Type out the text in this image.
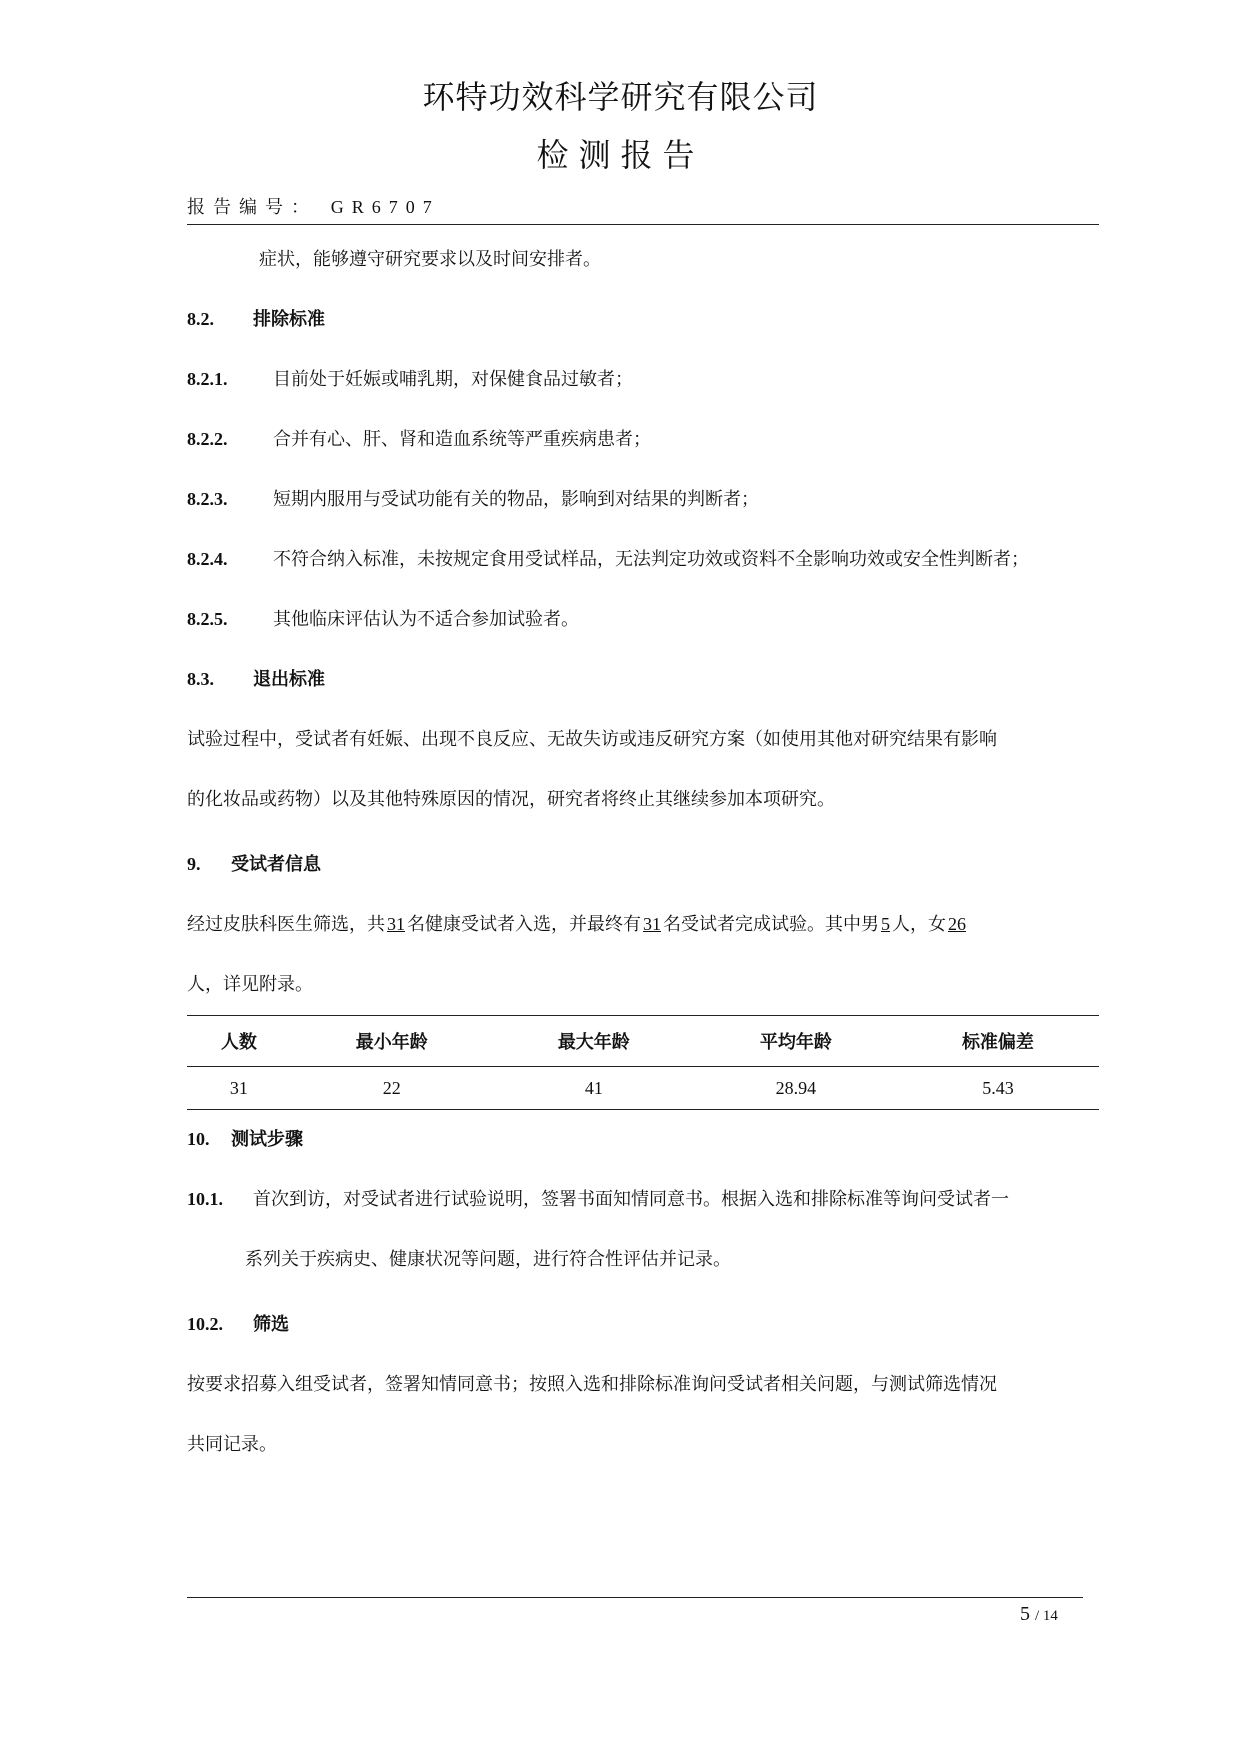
环特功效科学研究有限公司
检测报告
报告编号： GR6707
症状，能够遵守研究要求以及时间安排者。
8.2. 排除标准
8.2.1.	目前处于妊娠或哺乳期，对保健食品过敏者；
8.2.2.	合并有心、肝、肾和造血系统等严重疾病患者；
8.2.3.	短期内服用与受试功能有关的物品，影响到对结果的判断者；
8.2.4.	不符合纳入标准，未按规定食用受试样品，无法判定功效或资料不全影响功效或安全性判断者；
8.2.5.	其他临床评估认为不适合参加试验者。
8.3. 退出标准
试验过程中，受试者有妊娠、出现不良反应、无故失访或违反研究方案（如使用其他对研究结果有影响
的化妆品或药物）以及其他特殊原因的情况，研究者将终止其继续参加本项研究。
9. 受试者信息
经过皮肤科医生筛选，共 31 名健康受试者入选，并最终有 31 名受试者完成试验。其中男 5 人，女 26
人，详见附录。
人数	最小年龄	最大年龄	平均年龄	标准偏差
31	22	41	28.94	5.43
10. 测试步骤
10.1. 首次到访，对受试者进行试验说明，签署书面知情同意书。根据入选和排除标准等询问受试者一
系列关于疾病史、健康状况等问题，进行符合性评估并记录。
10.2. 筛选
按要求招募入组受试者，签署知情同意书；按照入选和排除标准询问受试者相关问题，与测试筛选情况
共同记录。
5 / 14
